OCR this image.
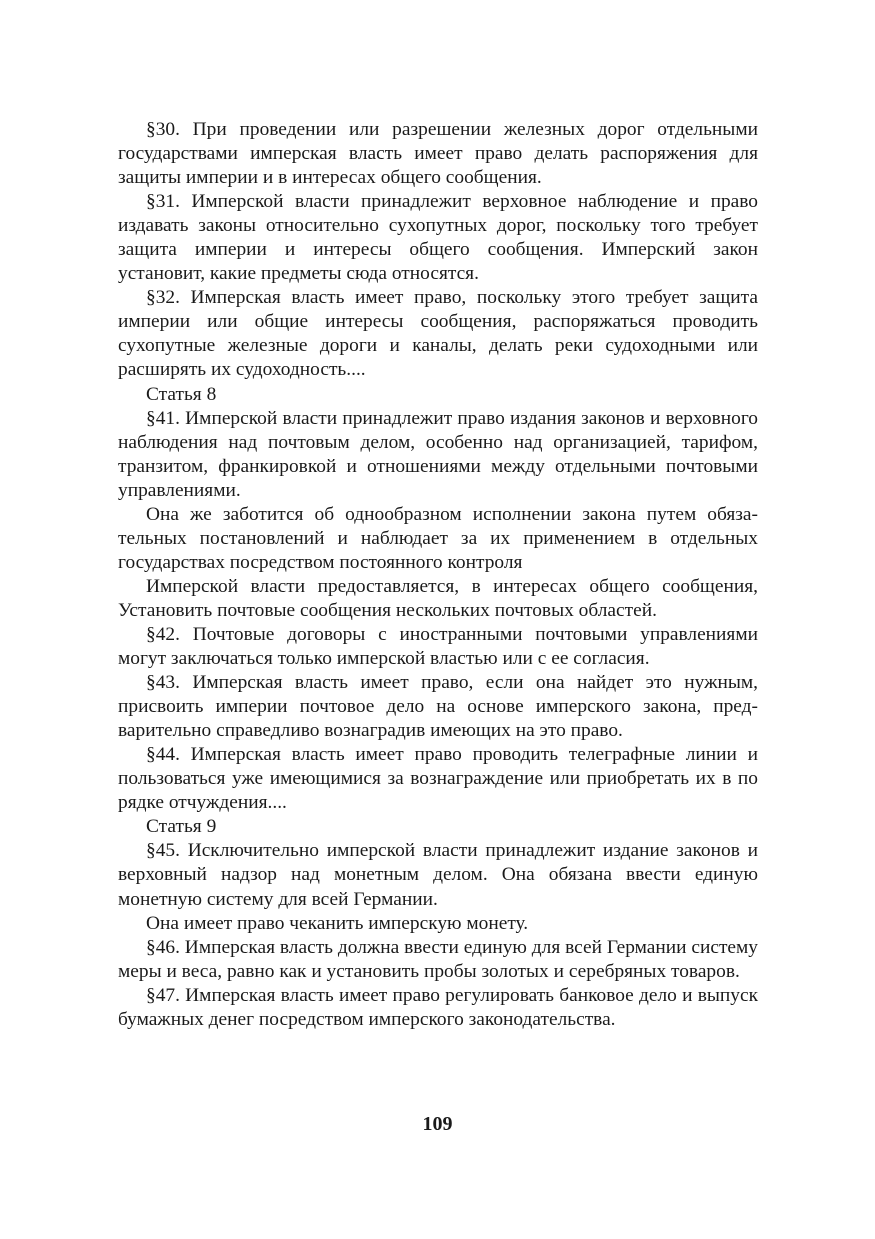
§30. При проведении или разрешении железных дорог отдельными государствами имперская власть имеет право делать распоряжения для защиты империи и в интересах общего сообщения.

§31. Имперской власти принадлежит верховное наблюдение и право издавать законы относительно сухопутных дорог, поскольку того требует защита империи и интересы общего сообщения. Имперский закон установит, какие предметы сюда относятся.

§32. Имперская власть имеет право, поскольку этого требует защита империи или общие интересы сообщения, распоряжаться проводить сухопутные железные дороги и каналы, делать реки судоходными или расширять их судоходность....

Статья 8

§41. Имперской власти принадлежит право издания законов и верховного наблюдения над почтовым делом, особенно над организацией, тарифом, транзитом, франкировкой и отношениями между отдельными почтовыми управлениями.

Она же заботится об однообразном исполнении закона путем обязательных постановлений и наблюдает за их применением в отдельных государствах посредством постоянного контроля

Имперской власти предоставляется, в интересах общего сообщения, Установить почтовые сообщения нескольких почтовых областей.

§42. Почтовые договоры с иностранными почтовыми управлениями могут заключаться только имперской властью или с ее согласия.

§43. Имперская власть имеет право, если она найдет это нужным, присвоить империи почтовое дело на основе имперского закона, предварительно справедливо вознаградив имеющих на это право.

§44. Имперская власть имеет право проводить телеграфные линии и пользоваться уже имеющимися за вознаграждение или приобретать их в по рядке отчуждения....

Статья 9

§45. Исключительно имперской власти принадлежит издание законов и верховный надзор над монетным делом. Она обязана ввести единую монетную систему для всей Германии.

Она имеет право чеканить имперскую монету.

§46. Имперская власть должна ввести единую для всей Германии систему меры и веса, равно как и установить пробы золотых и серебряных товаров.

§47. Имперская власть имеет право регулировать банковое дело и выпуск бумажных денег посредством имперского законодательства.

109
